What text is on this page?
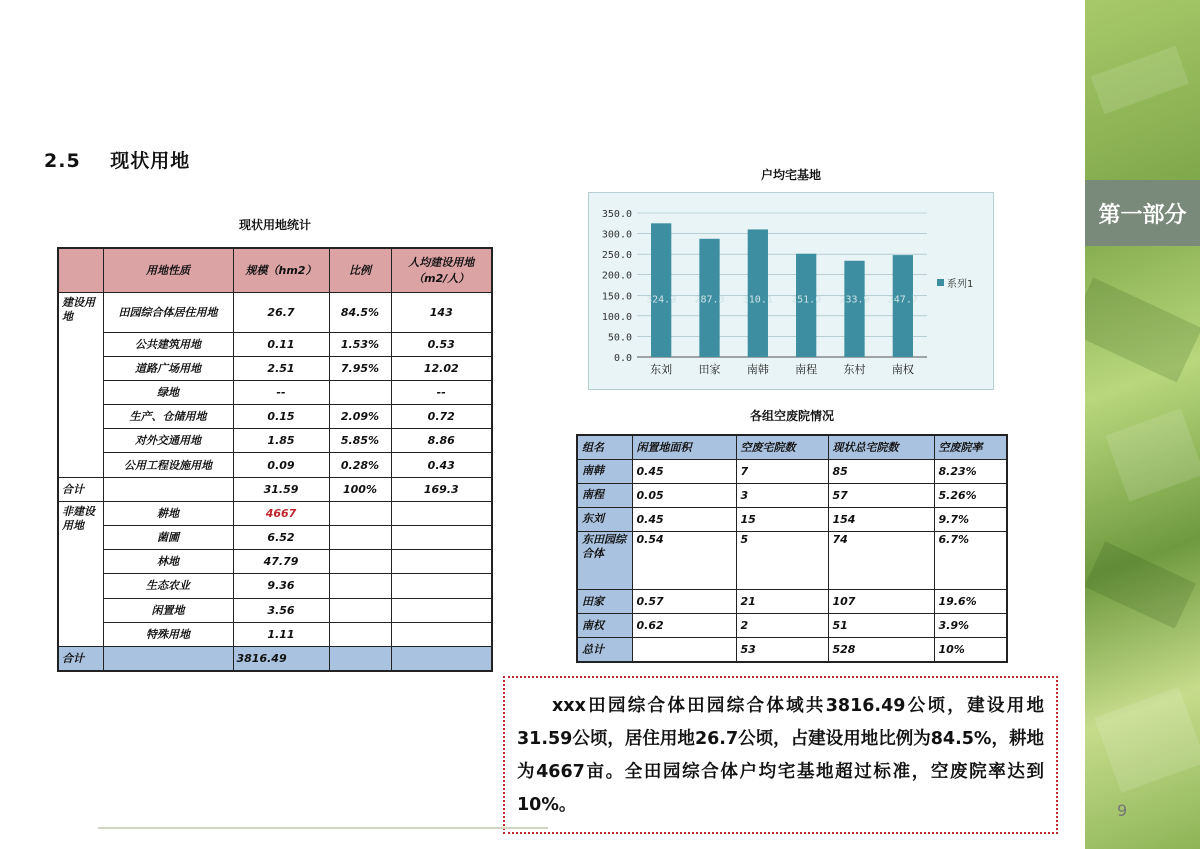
第一部分
9
2.5 现状用地
现状用地统计
	用地性质	规模（hm2）	比例	人均建设用地（m2/人）
建设用地	田园综合体居住用地	26.7	84.5%	143
	公共建筑用地	0.11	1.53%	0.53
	道路广场用地	2.51	7.95%	12.02
	绿地	--		--
	生产、仓储用地	0.15	2.09%	0.72
	对外交通用地	1.85	5.85%	8.86
	公用工程设施用地	0.09	0.28%	0.43
合计		31.59	100%	169.3
非建设用地	耕地	4667		
	菌圃	6.52		
	林地	47.79		
	生态农业	9.36		
	闲置地	3.56		
	特殊用地	1.11		
合计		3816.49		
户均宅基地
0.0
50.0
100.0
150.0
200.0
250.0
300.0
350.0
324.9
东刘
287.3
田家
310.1
南韩
251.0
南程
233.9
东村
247.7
南权
系列1
各组空废院情况
组名	闲置地面积	空废宅院数	现状总宅院数	空废院率
南韩	0.45	7	85	8.23%
南程	0.05	3	57	5.26%
东刘	0.45	15	154	9.7%
东田园综合体	0.54	5	74	6.7%
田家	0.57	21	107	19.6%
南权	0.62	2	51	3.9%
总计		53	528	10%

xxx田园综合体田园综合体域共3816.49公顷，建设用地31.59公顷，居住用地26.7公顷，占建设用地比例为84.5%，耕地为4667亩。全田园综合体户均宅基地超过标准，空废院率达到10%。
